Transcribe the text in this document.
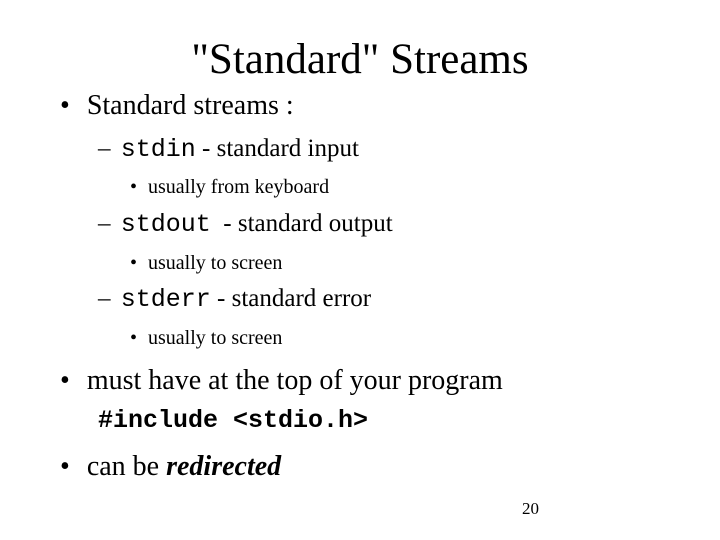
"Standard" Streams
• Standard streams :
– stdin - standard input
• usually from keyboard
– stdout  - standard output
• usually to screen
– stderr - standard error
• usually to screen
• must have at the top of your program
#include <stdio.h>
• can be redirected
20
